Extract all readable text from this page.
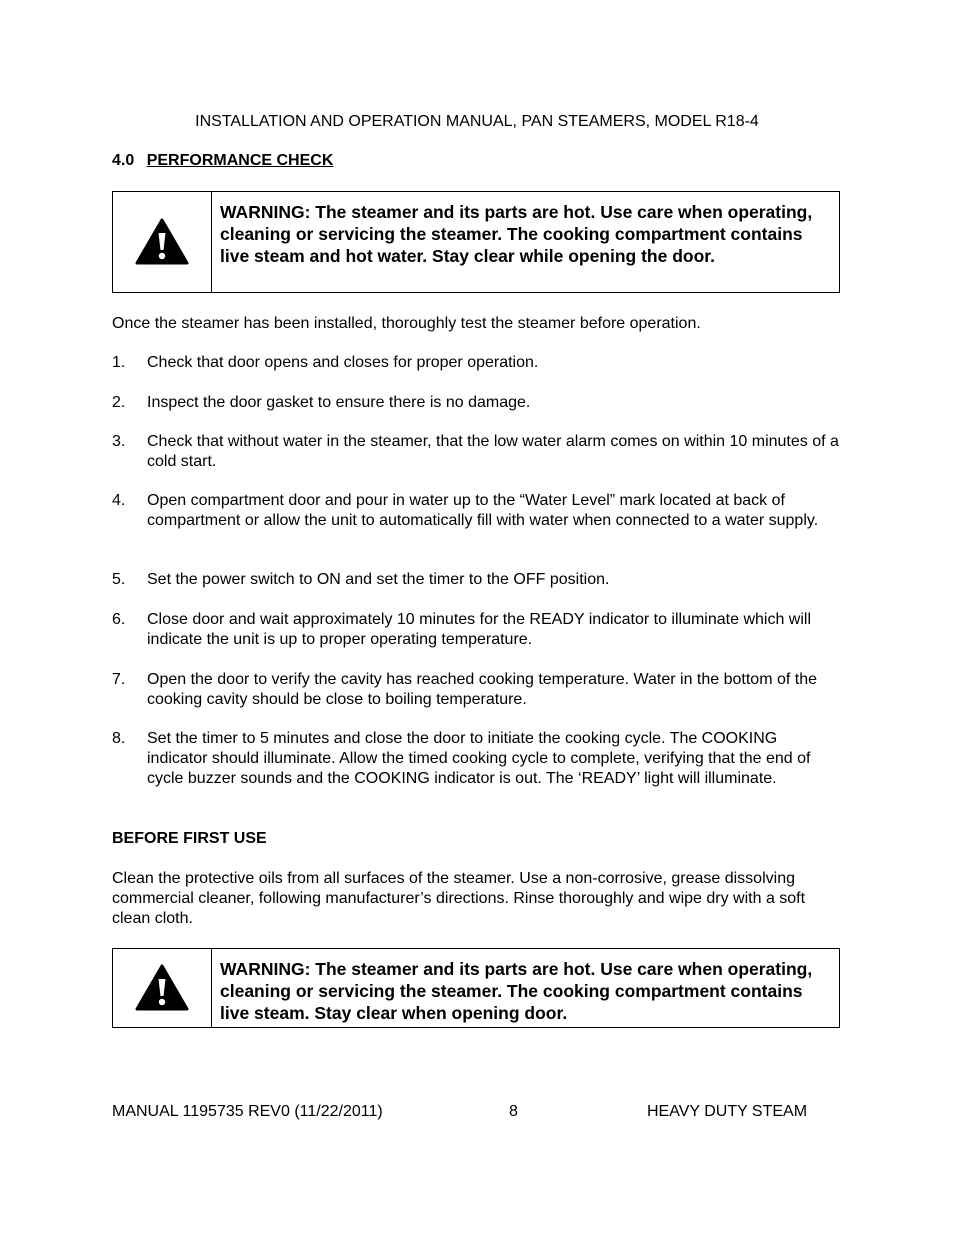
INSTALLATION AND OPERATION MANUAL, PAN STEAMERS, MODEL R18-4
4.0 PERFORMANCE CHECK
WARNING: The steamer and its parts are hot. Use care when operating, cleaning or servicing the steamer. The cooking compartment contains live steam and hot water. Stay clear while opening the door.
Once the steamer has been installed, thoroughly test the steamer before operation.
1.	Check that door opens and closes for proper operation.
2.	Inspect the door gasket to ensure there is no damage.
3.	Check that without water in the steamer, that the low water alarm comes on within 10 minutes of a cold start.
4.	Open compartment door and pour in water up to the “Water Level” mark located at back of compartment or allow the unit to automatically fill with water when connected to a water supply.
5.	Set the power switch to ON and set the timer to the OFF position.
6.	Close door and wait approximately 10 minutes for the READY indicator to illuminate which will indicate the unit is up to proper operating temperature.
7.	Open the door to verify the cavity has reached cooking temperature. Water in the bottom of the cooking cavity should be close to boiling temperature.
8.	Set the timer to 5 minutes and close the door to initiate the cooking cycle. The COOKING indicator should illuminate. Allow the timed cooking cycle to complete, verifying that the end of cycle buzzer sounds and the COOKING indicator is out. The ‘READY’ light will illuminate.
BEFORE FIRST USE
Clean the protective oils from all surfaces of the steamer. Use a non-corrosive, grease dissolving commercial cleaner, following manufacturer’s directions. Rinse thoroughly and wipe dry with a soft clean cloth.
WARNING: The steamer and its parts are hot. Use care when operating, cleaning or servicing the steamer. The cooking compartment contains live steam. Stay clear when opening door.
MANUAL 1195735 REV0 (11/22/2011)	8	HEAVY DUTY STEAM
